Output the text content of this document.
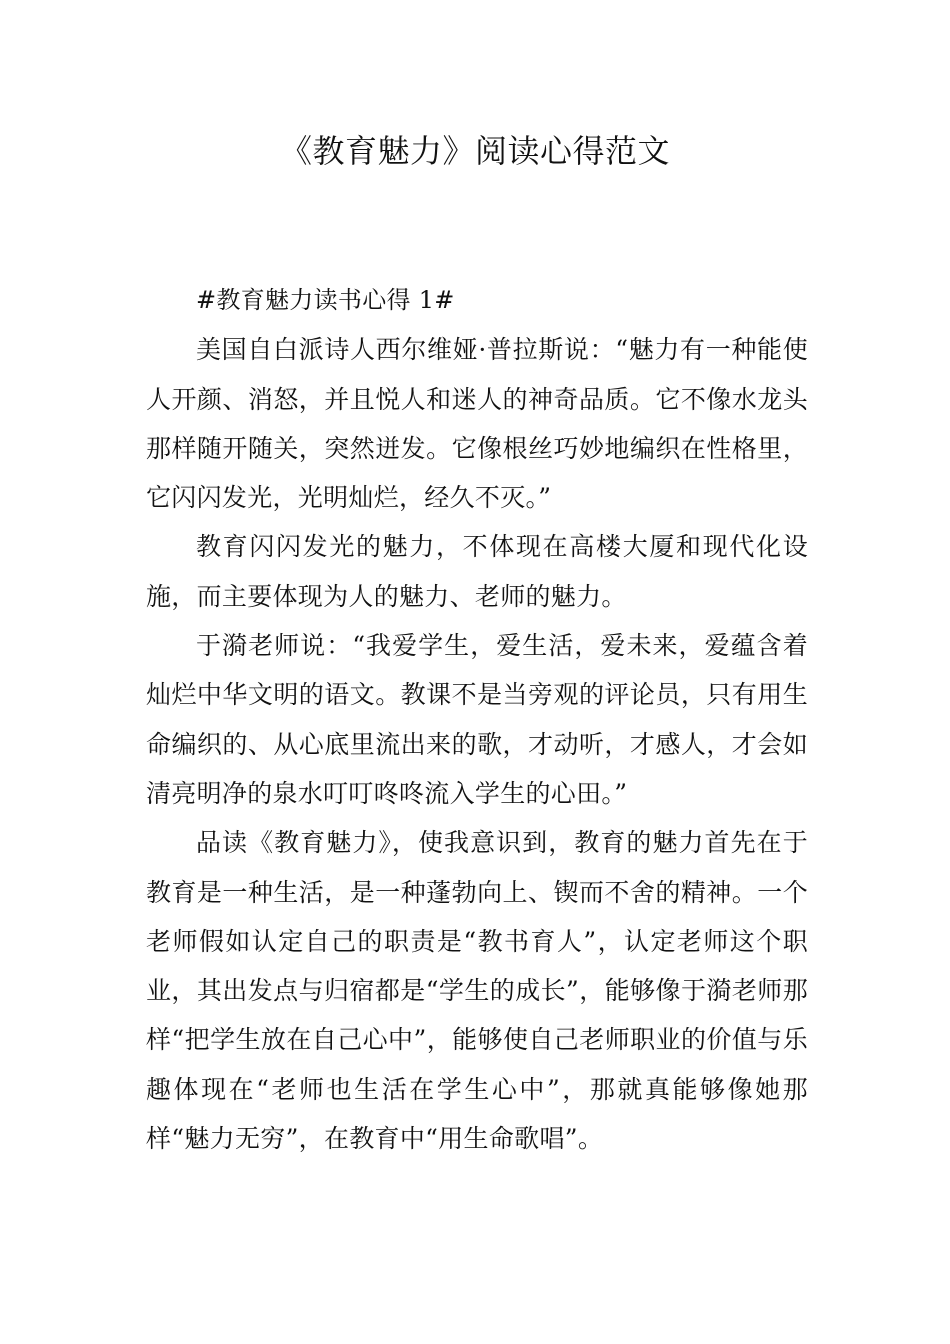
《教育魅力》阅读心得范文

#教育魅力读书心得 1#

美国自白派诗人西尔维娅·普拉斯说：“魅力有一种能使人开颜、消怒，并且悦人和迷人的神奇品质。它不像水龙头那样随开随关，突然迸发。它像根丝巧妙地编织在性格里，它闪闪发光，光明灿烂，经久不灭。”

教育闪闪发光的魅力，不体现在高楼大厦和现代化设施，而主要体现为人的魅力、老师的魅力。

于漪老师说：“我爱学生，爱生活，爱未来，爱蕴含着灿烂中华文明的语文。教课不是当旁观的评论员，只有用生命编织的、从心底里流出来的歌，才动听，才感人，才会如清亮明净的泉水叮叮咚咚流入学生的心田。”

品读《教育魅力》，使我意识到，教育的魅力首先在于教育是一种生活，是一种蓬勃向上、锲而不舍的精神。一个老师假如认定自己的职责是“教书育人”，认定老师这个职业，其出发点与归宿都是“学生的成长”，能够像于漪老师那样“把学生放在自己心中”，能够使自己老师职业的价值与乐趣体现在“老师也生活在学生心中”，那就真能够像她那样“魅力无穷”，在教育中“用生命歌唱”。
